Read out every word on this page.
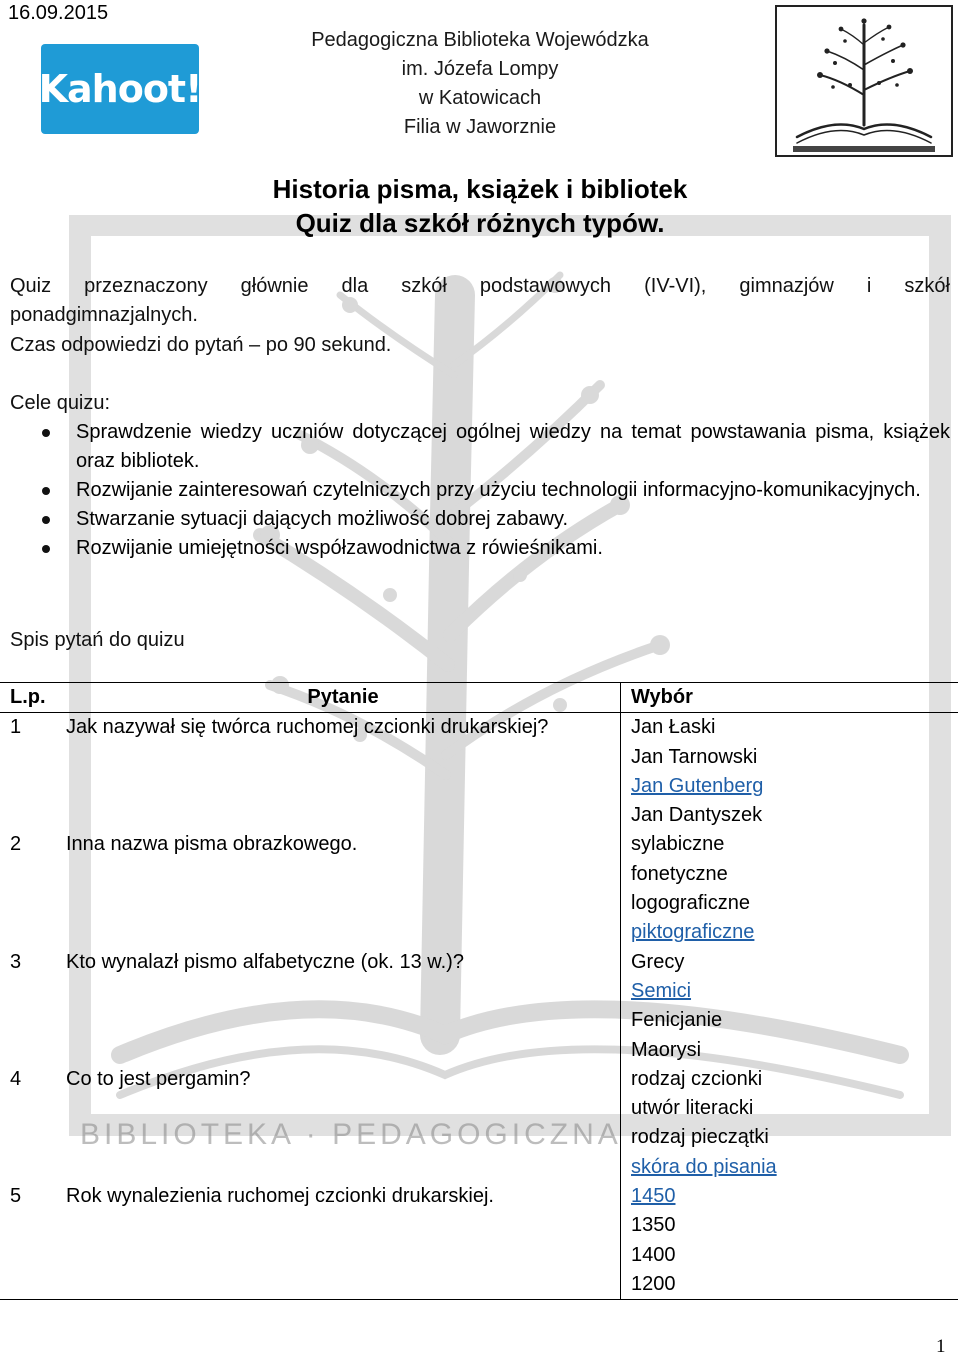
BIBLIOTEKA · PEDAGOGICZNA
16.09.2015
Kahoot!
Pedagogiczna Biblioteka Wojewódzka
im. Józefa Lompy
w Katowicach
Filia w Jaworznie
Historia pisma, książek i bibliotek
Quiz dla szkół różnych typów.
Quiz przeznaczony głównie dla szkół podstawowych (IV-VI), gimnazjów i szkół
ponadgimnazjalnych.
Czas odpowiedzi do pytań – po 90 sekund.
Cele quizu:
Sprawdzenie wiedzy uczniów dotyczącej ogólnej wiedzy na temat powstawania pisma, książek oraz bibliotek.
Rozwijanie zainteresowań czytelniczych przy użyciu technologii informacyjno-komunikacyjnych.
Stwarzanie sytuacji dających możliwość dobrej zabawy.
Rozwijanie umiejętności współzawodnictwa z rówieśnikami.
Spis pytań do quizu
L.p.	Pytanie	Wybór
1	Jak nazywał się twórca ruchomej czcionki drukarskiej?	Jan Łaski
Jan Tarnowski
Jan Gutenberg
Jan Dantyszek

2	Inna nazwa pisma obrazkowego.	sylabiczne
fonetyczne
logograficzne
piktograficzne

3	Kto wynalazł pismo alfabetyczne (ok. 13 w.)?	Grecy
Semici
Fenicjanie
Maorysi

4	Co to jest pergamin?	rodzaj czcionki
utwór literacki
rodzaj pieczątki
skóra do pisania

5	Rok wynalezienia ruchomej czcionki drukarskiej.	1450
1350
1400
1200
1
